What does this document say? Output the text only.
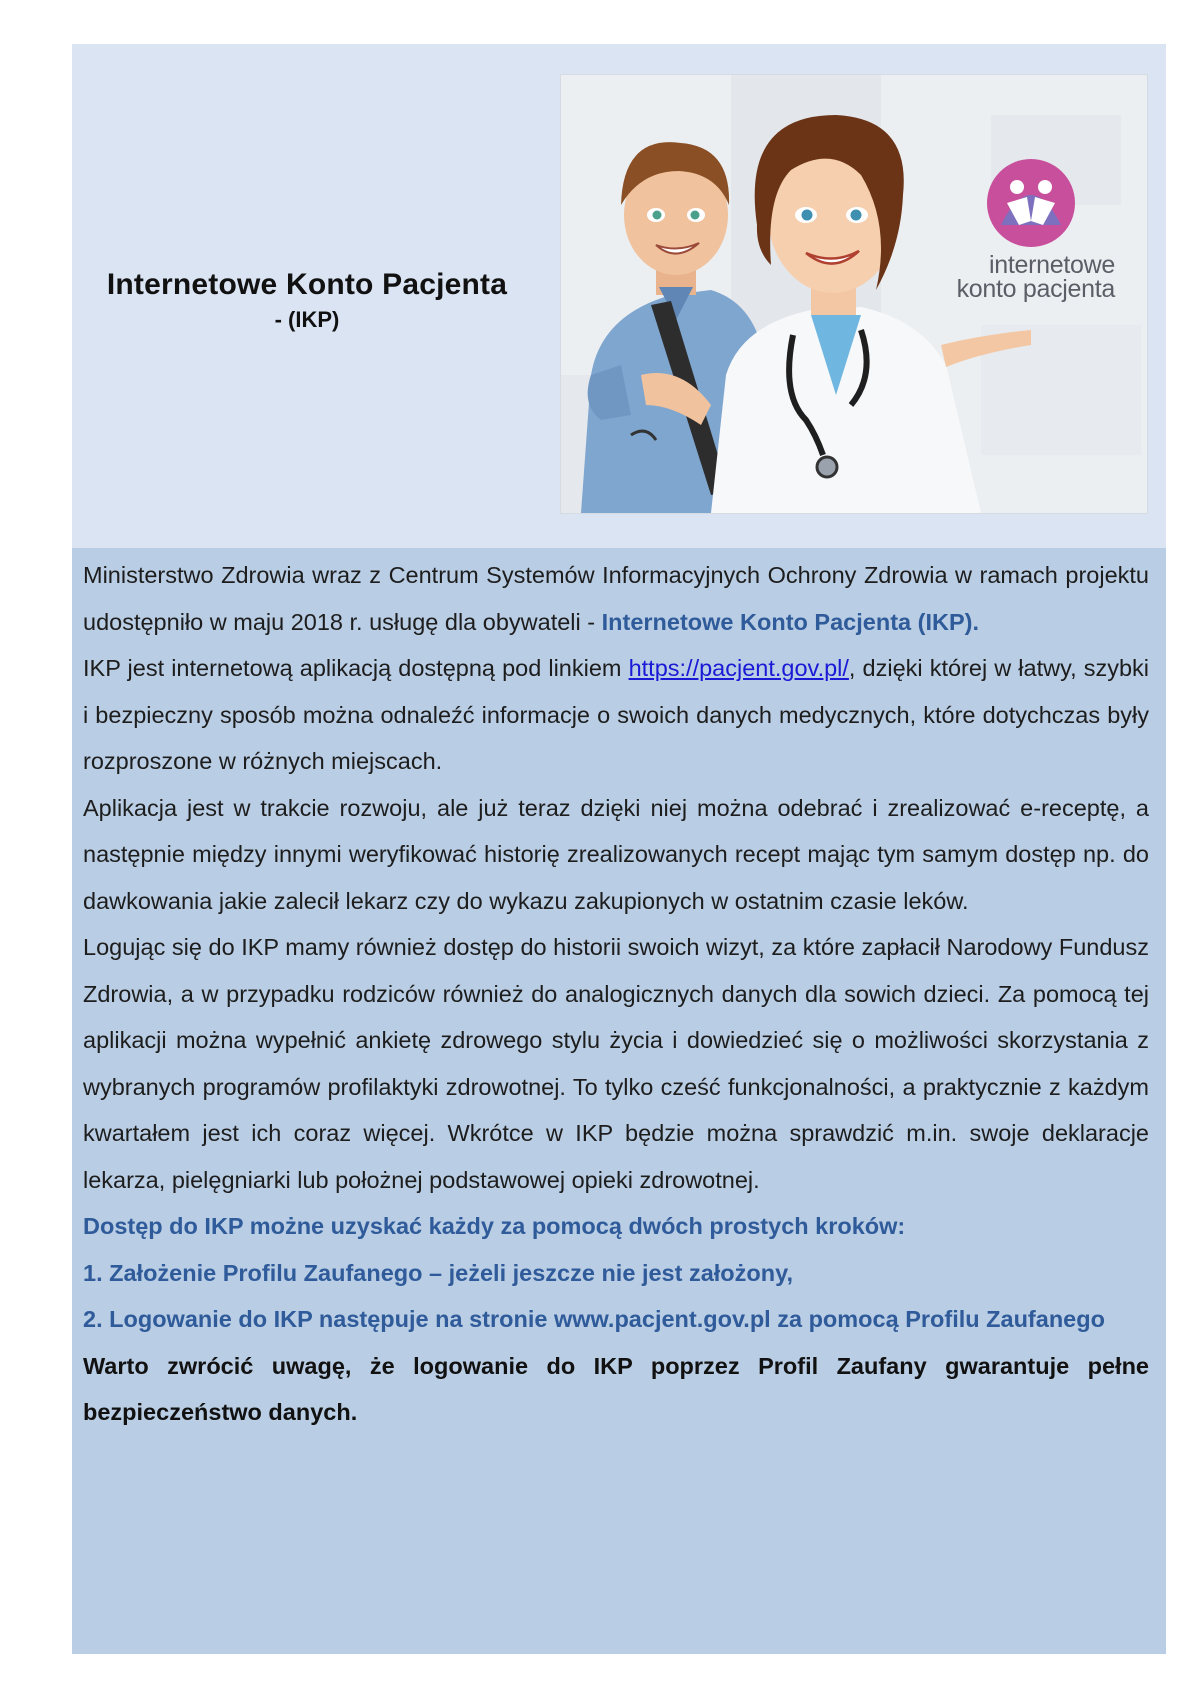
Internetowe Konto Pacjenta
- (IKP)
internetowe
konto pacjenta

Ministerstwo Zdrowia wraz z Centrum Systemów Informacyjnych Ochrony Zdrowia w ramach projektu udostępniło w maju 2018 r. usługę dla obywateli - Internetowe Konto Pacjenta (IKP).

IKP jest internetową aplikacją dostępną pod linkiem https://pacjent.gov.pl/, dzięki której w łatwy, szybki i bezpieczny sposób można odnaleźć informacje o swoich danych medycznych, które dotychczas były rozproszone w różnych miejscach.

Aplikacja jest w trakcie rozwoju, ale już teraz dzięki niej można odebrać i zrealizować e-receptę, a następnie między innymi weryfikować historię zrealizowanych recept mając tym samym dostęp np. do dawkowania jakie zalecił lekarz czy do wykazu zakupionych w ostatnim czasie leków.

Logując się do IKP mamy również dostęp do historii swoich wizyt, za które zapłacił Narodowy Fundusz Zdrowia, a w przypadku rodziców również do analogicznych danych dla sowich dzieci. Za pomocą tej aplikacji można wypełnić ankietę zdrowego stylu życia i dowiedzieć się o możliwości skorzystania z wybranych programów profilaktyki zdrowotnej. To tylko cześć funkcjonalności, a praktycznie z każdym kwartałem jest ich coraz więcej. Wkrótce w IKP będzie można sprawdzić m.in. swoje deklaracje lekarza, pielęgniarki lub położnej podstawowej opieki zdrowotnej.

Dostęp do IKP możne uzyskać każdy za pomocą dwóch prostych kroków:

1. Założenie Profilu Zaufanego – jeżeli jeszcze nie jest założony,

2. Logowanie do IKP następuje na stronie www.pacjent.gov.pl za pomocą Profilu Zaufanego

Warto zwrócić uwagę, że logowanie do IKP poprzez Profil Zaufany gwarantuje pełne bezpieczeństwo danych.
